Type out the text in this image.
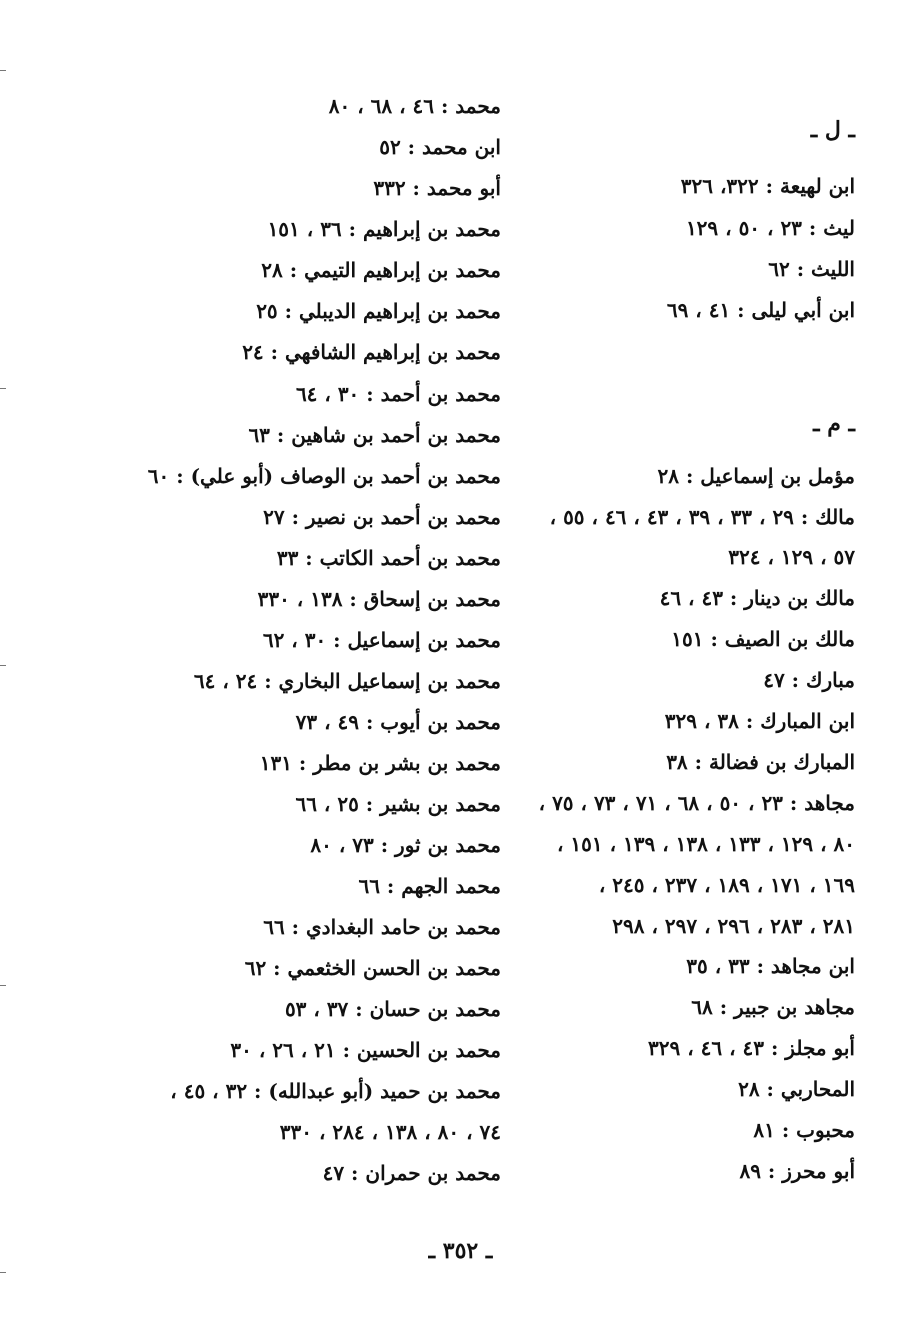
ـ ل ـ
ابن لهيعة : ٣٢٢، ٣٢٦
ليث : ٢٣ ، ٥٠ ، ١٢٩
الليث : ٦٢
ابن أبي ليلى : ٤١ ، ٦٩
ـ م ـ
مؤمل بن إسماعيل : ٢٨
مالك : ٢٩ ، ٣٣ ، ٣٩ ، ٤٣ ، ٤٦ ، ٥٥ ،
٥٧ ، ١٢٩ ، ٣٢٤
مالك بن دينار : ٤٣ ، ٤٦
مالك بن الصيف : ١٥١
مبارك : ٤٧
ابن المبارك : ٣٨ ، ٣٢٩
المبارك بن فضالة : ٣٨
مجاهد : ٢٣ ، ٥٠ ، ٦٨ ، ٧١ ، ٧٣ ، ٧٥ ،
٨٠ ، ١٢٩ ، ١٣٣ ، ١٣٨ ، ١٣٩ ، ١٥١ ،
١٦٩ ، ١٧١ ، ١٨٩ ، ٢٣٧ ، ٢٤٥ ،
٢٨١ ، ٢٨٣ ، ٢٩٦ ، ٢٩٧ ، ٢٩٨
ابن مجاهد : ٣٣ ، ٣٥
مجاهد بن جبير : ٦٨
أبو مجلز : ٤٣ ، ٤٦ ، ٣٢٩
المحاربي : ٢٨
محبوب : ٨١
أبو محرز : ٨٩
محمد : ٤٦ ، ٦٨ ، ٨٠
ابن محمد : ٥٢
أبو محمد : ٣٣٢
محمد بن إبراهيم : ٣٦ ، ١٥١
محمد بن إبراهيم التيمي : ٢٨
محمد بن إبراهيم الديبلي : ٢٥
محمد بن إبراهيم الشافهي : ٢٤
محمد بن أحمد : ٣٠ ، ٦٤
محمد بن أحمد بن شاهين : ٦٣
محمد بن أحمد بن الوصاف (أبو علي) : ٦٠
محمد بن أحمد بن نصير : ٢٧
محمد بن أحمد الكاتب : ٣٣
محمد بن إسحاق : ١٣٨ ، ٣٣٠
محمد بن إسماعيل : ٣٠ ، ٦٢
محمد بن إسماعيل البخاري : ٢٤ ، ٦٤
محمد بن أيوب : ٤٩ ، ٧٣
محمد بن بشر بن مطر : ١٣١
محمد بن بشير : ٢٥ ، ٦٦
محمد بن ثور : ٧٣ ، ٨٠
محمد الجهم : ٦٦
محمد بن حامد البغدادي : ٦٦
محمد بن الحسن الخثعمي : ٦٢
محمد بن حسان : ٣٧ ، ٥٣
محمد بن الحسين : ٢١ ، ٢٦ ، ٣٠
محمد بن حميد (أبو عبدالله) : ٣٢ ، ٤٥ ،
٧٤ ، ٨٠ ، ١٣٨ ، ٢٨٤ ، ٣٣٠
محمد بن حمران : ٤٧
ـ ٣٥٢ ـ
